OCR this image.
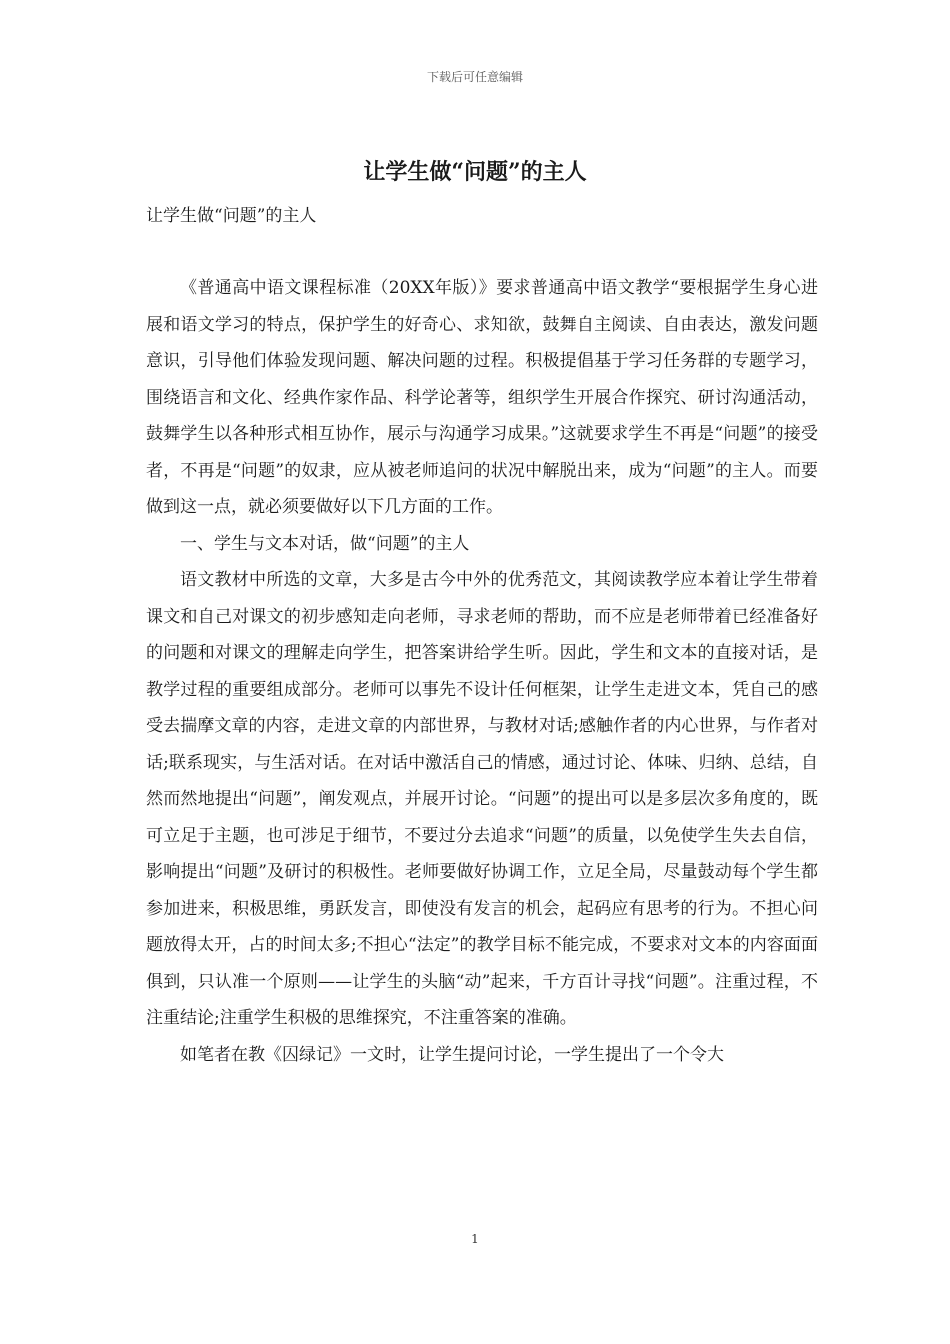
下载后可任意编辑
让学生做“问题”的主人
让学生做“问题”的主人

《普通高中语文课程标准（20XX年版）》要求普通高中语文教学“要根据学生身心进展和语文学习的特点，保护学生的好奇心、求知欲，鼓舞自主阅读、自由表达，激发问题意识，引导他们体验发现问题、解决问题的过程。积极提倡基于学习任务群的专题学习，围绕语言和文化、经典作家作品、科学论著等，组织学生开展合作探究、研讨沟通活动，鼓舞学生以各种形式相互协作，展示与沟通学习成果。”这就要求学生不再是“问题”的接受者，不再是“问题”的奴隶，应从被老师追问的状况中解脱出来，成为“问题”的主人。而要做到这一点，就必须要做好以下几方面的工作。

一、学生与文本对话，做“问题”的主人

语文教材中所选的文章，大多是古今中外的优秀范文，其阅读教学应本着让学生带着课文和自己对课文的初步感知走向老师，寻求老师的帮助，而不应是老师带着已经准备好的问题和对课文的理解走向学生，把答案讲给学生听。因此，学生和文本的直接对话，是教学过程的重要组成部分。老师可以事先不设计任何框架，让学生走进文本，凭自己的感受去揣摩文章的内容，走进文章的内部世界，与教材对话;感触作者的内心世界，与作者对话;联系现实，与生活对话。在对话中激活自己的情感，通过讨论、体味、归纳、总结，自然而然地提出“问题”，阐发观点，并展开讨论。“问题”的提出可以是多层次多角度的，既可立足于主题，也可涉足于细节，不要过分去追求“问题”的质量，以免使学生失去自信，影响提出“问题”及研讨的积极性。老师要做好协调工作，立足全局，尽量鼓动每个学生都参加进来，积极思维，勇跃发言，即使没有发言的机会，起码应有思考的行为。不担心问题放得太开，占的时间太多;不担心“法定”的教学目标不能完成，不要求对文本的内容面面俱到，只认准一个原则——让学生的头脑“动”起来，千方百计寻找“问题”。注重过程，不注重结论;注重学生积极的思维探究，不注重答案的准确。

如笔者在教《囚绿记》一文时，让学生提问讨论，一学生提出了一个令大

1
